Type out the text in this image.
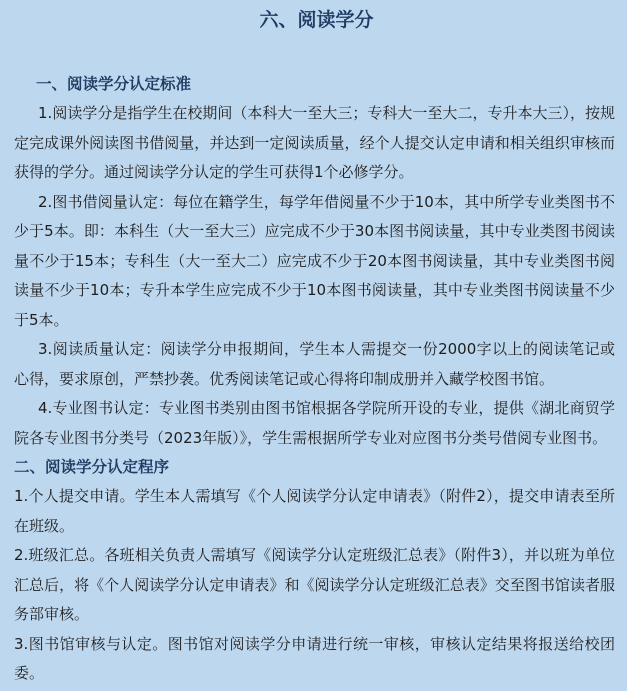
六、阅读学分
一、阅读学分认定标准

1.阅读学分是指学生在校期间（本科大一至大三；专科大一至大二，专升本大三），按规定完成课外阅读图书借阅量，并达到一定阅读质量，经个人提交认定申请和相关组织审核而获得的学分。通过阅读学分认定的学生可获得1个必修学分。

2.图书借阅量认定：每位在籍学生，每学年借阅量不少于10本，其中所学专业类图书不少于5本。即：本科生（大一至大三）应完成不少于30本图书阅读量，其中专业类图书阅读量不少于15本；专科生（大一至大二）应完成不少于20本图书阅读量，其中专业类图书阅读量不少于10本；专升本学生应完成不少于10本图书阅读量，其中专业类图书阅读量不少于5本。

3.阅读质量认定：阅读学分申报期间，学生本人需提交一份2000字以上的阅读笔记或心得，要求原创，严禁抄袭。优秀阅读笔记或心得将印制成册并入藏学校图书馆。

4.专业图书认定：专业图书类别由图书馆根据各学院所开设的专业，提供《湖北商贸学院各专业图书分类号（2023年版）》，学生需根据所学专业对应图书分类号借阅专业图书。

二、阅读学分认定程序

1.个人提交申请。学生本人需填写《个人阅读学分认定申请表》（附件2），提交申请表至所在班级。

2.班级汇总。各班相关负责人需填写《阅读学分认定班级汇总表》（附件3），并以班为单位汇总后，将《个人阅读学分认定申请表》和《阅读学分认定班级汇总表》交至图书馆读者服务部审核。

3.图书馆审核与认定。图书馆对阅读学分申请进行统一审核，审核认定结果将报送给校团委。
